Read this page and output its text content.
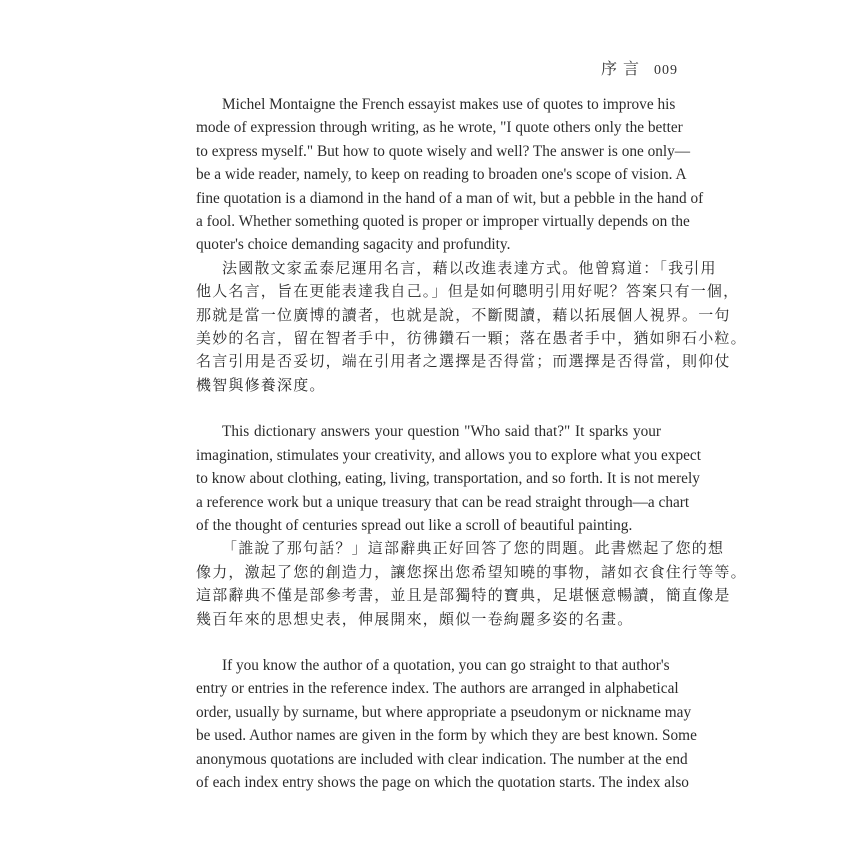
序言 009
Michel Montaigne the French essayist makes use of quotes to improve his
mode of expression through writing, as he wrote, "I quote others only the better
to express myself." But how to quote wisely and well? The answer is one only—
be a wide reader, namely, to keep on reading to broaden one's scope of vision. A
fine quotation is a diamond in the hand of a man of wit, but a pebble in the hand of
a fool. Whether something quoted is proper or improper virtually depends on the
quoter's choice demanding sagacity and profundity.
法國散文家孟泰尼運用名言，藉以改進表達方式。他曾寫道：「我引用
他人名言，旨在更能表達我自己。」但是如何聰明引用好呢？答案只有一個，
那就是當一位廣博的讀者，也就是說，不斷閱讀，藉以拓展個人視界。一句
美妙的名言，留在智者手中，彷彿鑽石一顆；落在愚者手中，猶如卵石小粒。
名言引用是否妥切，端在引用者之選擇是否得當；而選擇是否得當，則仰仗
機智與修養深度。
This dictionary answers your question "Who said that?" It sparks your
imagination, stimulates your creativity, and allows you to explore what you expect
to know about clothing, eating, living, transportation, and so forth. It is not merely
a reference work but a unique treasury that can be read straight through—a chart
of the thought of centuries spread out like a scroll of beautiful painting.
「誰說了那句話？」這部辭典正好回答了您的問題。此書燃起了您的想
像力，激起了您的創造力，讓您探出您希望知曉的事物，諸如衣食住行等等。
這部辭典不僅是部參考書，並且是部獨特的寶典，足堪愜意暢讀，簡直像是
幾百年來的思想史表，伸展開來，頗似一卷絢麗多姿的名畫。
If you know the author of a quotation, you can go straight to that author's
entry or entries in the reference index. The authors are arranged in alphabetical
order, usually by surname, but where appropriate a pseudonym or nickname may
be used. Author names are given in the form by which they are best known. Some
anonymous quotations are included with clear indication. The number at the end
of each index entry shows the page on which the quotation starts. The index also
